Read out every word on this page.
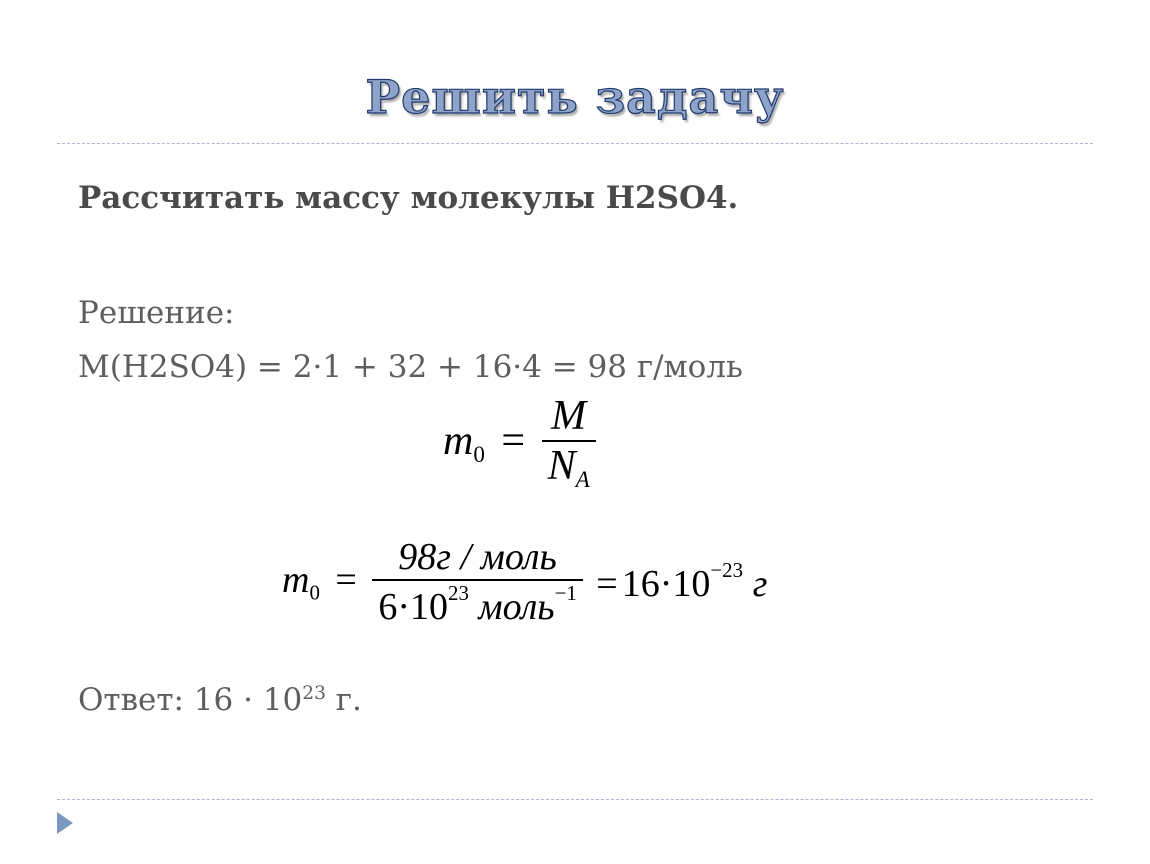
Решить задачу
Рассчитать массу молекулы H2SO4.
Решение:
M(H2SO4) = 2·1 + 32 + 16·4 = 98 г/моль
$m_0 = \frac{M}{N_A}$
$m_0 = \frac{\text{98г / моль}}{6\cdot 10^{23} моль^{-1}} = 16\cdot 10^{-23}$ г
Ответ: $16 \cdot 10^{23}$ г.
